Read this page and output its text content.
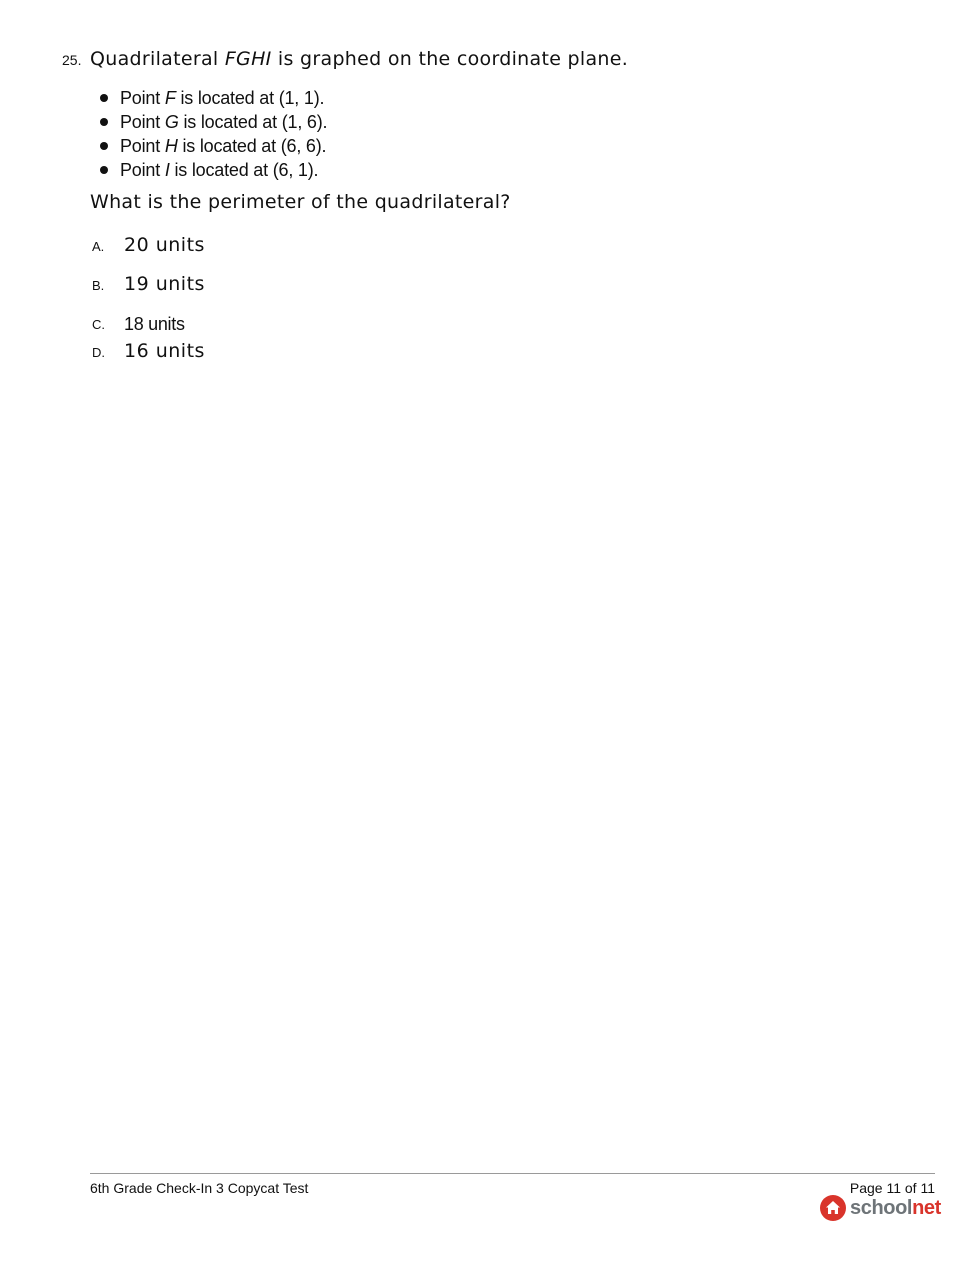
25. Quadrilateral FGHI is graphed on the coordinate plane.
Point F is located at (1, 1).
Point G is located at (1, 6).
Point H is located at (6, 6).
Point I is located at (6, 1).
What is the perimeter of the quadrilateral?
A. 20 units
B. 19 units
C. 18 units
D. 16 units
6th Grade Check-In 3 Copycat Test	Page 11 of 11
schoolnet
